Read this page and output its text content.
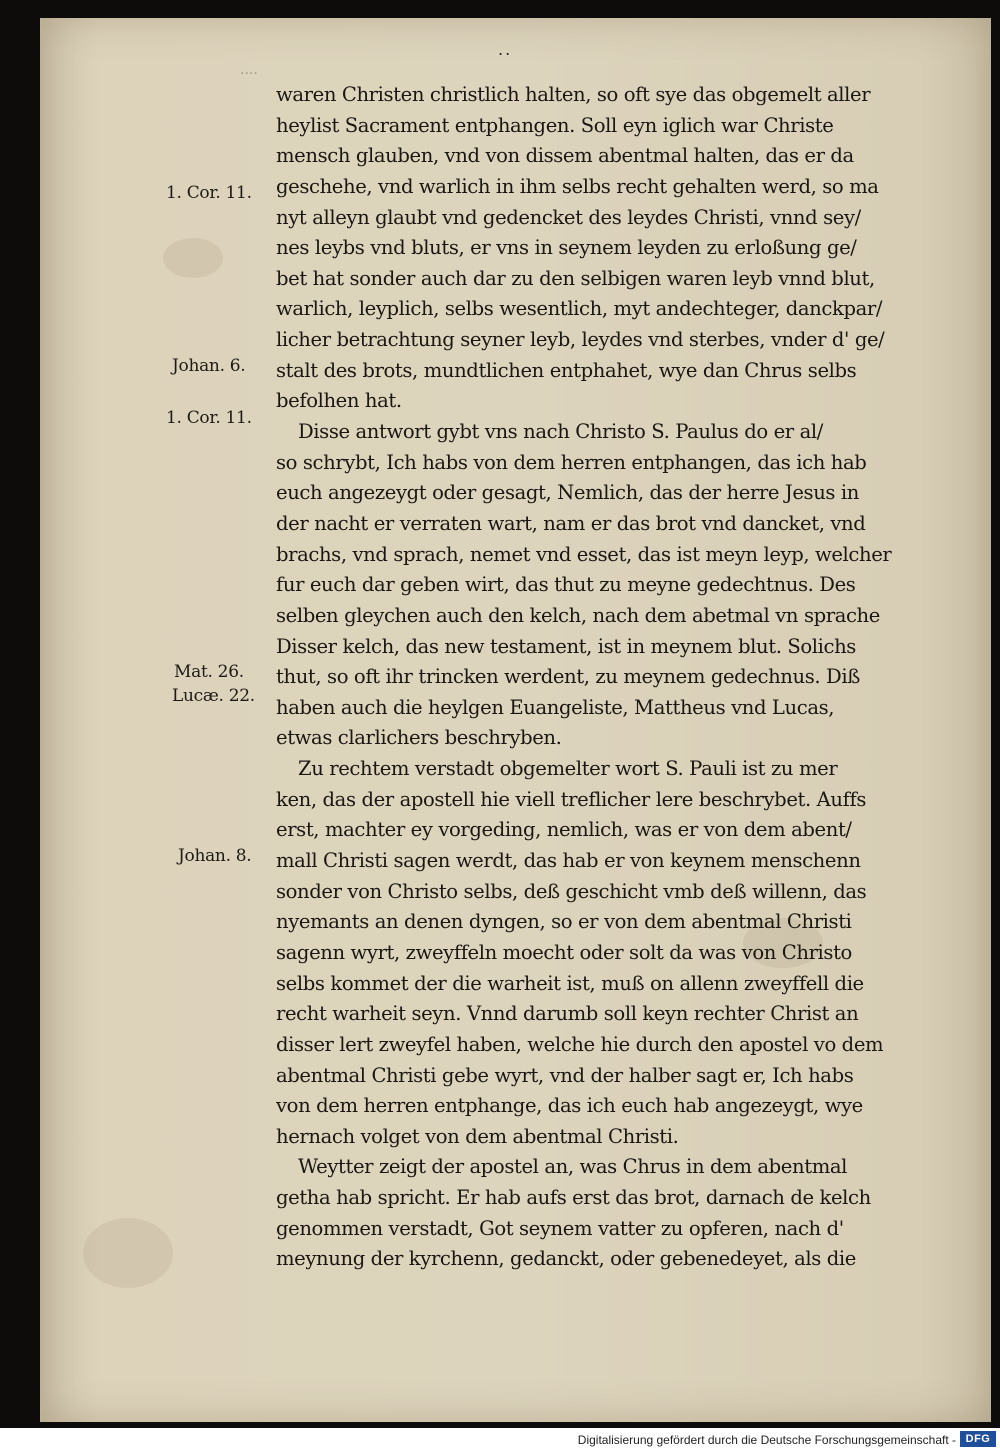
..
....
1. Cor. 11.
Johan. 6.
1. Cor. 11.
Mat. 26.
Lucæ. 22.
Johan. 8.
waren Christen christlich halten, so oft sye das obgemelt aller
heylist Sacrament entphangen. Soll eyn iglich war Christe
mensch glauben, vnd von dissem abentmal halten, das er da
geschehe, vnd warlich in ihm selbs recht gehalten werd, so ma
nyt alleyn glaubt vnd gedencket des leydes Christi, vnnd sey/
nes leybs vnd bluts, er vns in seynem leyden zu erloßung ge/
bet hat sonder auch dar zu den selbigen waren leyb vnnd blut,
warlich, leyplich, selbs wesentlich, myt andechteger, danckpar/
licher betrachtung seyner leyb, leydes vnd sterbes, vnder d' ge/
stalt des brots, mundtlichen entphahet, wye dan Chrus selbs
befolhen hat.
Disse antwort gybt vns nach Christo S. Paulus do er al/
so schrybt, Ich habs von dem herren entphangen, das ich hab
euch angezeygt oder gesagt, Nemlich, das der herre Jesus in
der nacht er verraten wart, nam er das brot vnd dancket, vnd
brachs, vnd sprach, nemet vnd esset, das ist meyn leyp, welcher
fur euch dar geben wirt, das thut zu meyne gedechtnus. Des
selben gleychen auch den kelch, nach dem abetmal vn sprache
Disser kelch, das new testament, ist in meynem blut. Solichs
thut, so oft ihr trincken werdent, zu meynem gedechnus. Diß
haben auch die heylgen Euangeliste, Mattheus vnd Lucas,
etwas clarlichers beschryben.
Zu rechtem verstadt obgemelter wort S. Pauli ist zu mer
ken, das der apostell hie viell treflicher lere beschrybet. Auffs
erst, machter ey vorgeding, nemlich, was er von dem abent/
mall Christi sagen werdt, das hab er von keynem menschenn
sonder von Christo selbs, deß geschicht vmb deß willenn, das
nyemants an denen dyngen, so er von dem abentmal Christi
sagenn wyrt, zweyffeln moecht oder solt da was von Christo
selbs kommet der die warheit ist, muß on allenn zweyffell die
recht warheit seyn. Vnnd darumb soll keyn rechter Christ an
disser lert zweyfel haben, welche hie durch den apostel vo dem
abentmal Christi gebe wyrt, vnd der halber sagt er, Ich habs
von dem herren entphange, das ich euch hab angezeygt, wye
hernach volget von dem abentmal Christi.
Weytter zeigt der apostel an, was Chrus in dem abentmal
getha hab spricht. Er hab aufs erst das brot, darnach de kelch
genommen verstadt, Got seynem vatter zu opferen, nach d'
meynung der kyrchenn, gedanckt, oder gebenedeyet, als die
Digitalisierung gefördert durch die Deutsche Forschungsgemeinschaft - DFG
